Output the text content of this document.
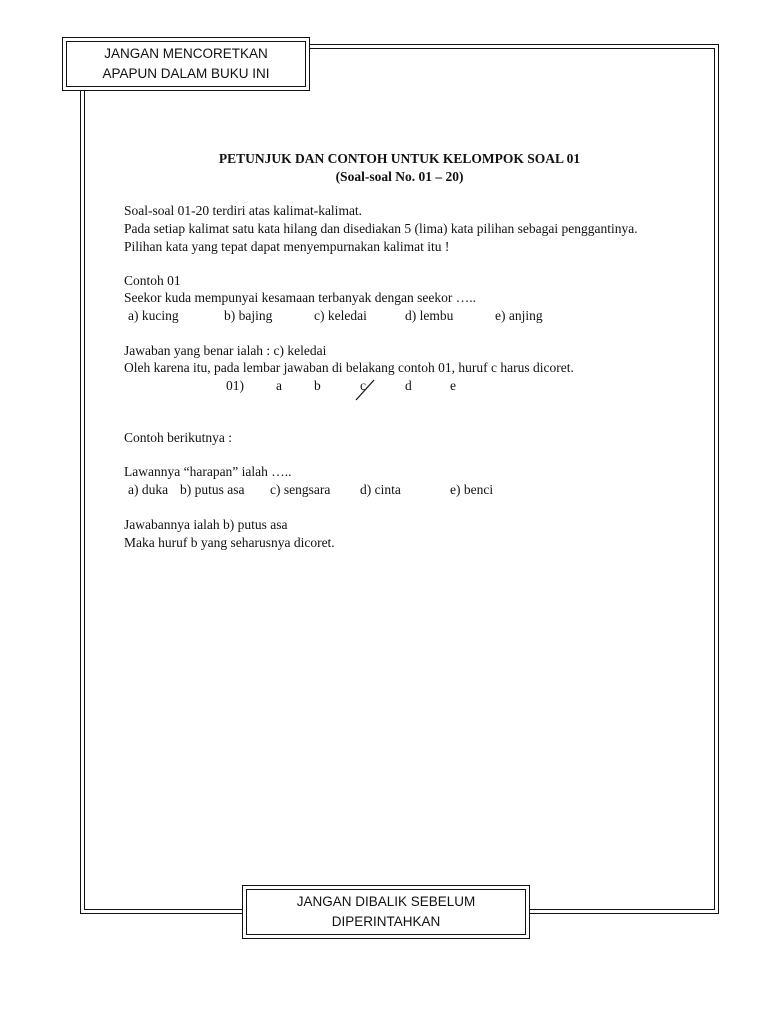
JANGAN MENCORETKAN
APAPUN DALAM BUKU INI
PETUNJUK DAN CONTOH UNTUK KELOMPOK SOAL 01
(Soal-soal No. 01 – 20)
Soal-soal 01-20 terdiri atas kalimat-kalimat.
Pada setiap kalimat satu kata hilang dan disediakan 5 (lima) kata pilihan sebagai penggantinya.
Pilihan kata yang tepat dapat menyempurnakan kalimat itu !
Contoh 01
Seekor kuda mempunyai kesamaan terbanyak dengan seekor …..
a) kucing	b) bajing	c) keledai	d) lembu	e) anjing
Jawaban yang benar ialah : c) keledai
Oleh karena itu, pada lembar jawaban di belakang contoh 01, huruf c harus dicoret.
01) a b	c	d	e
Contoh berikutnya :
Lawannya “harapan” ialah …..
a) duka b) putus asa c) sengsara d) cinta	e) benci
Jawabannya ialah b) putus asa
Maka huruf b yang seharusnya dicoret.
JANGAN DIBALIK SEBELUM
DIPERINTAHKAN
